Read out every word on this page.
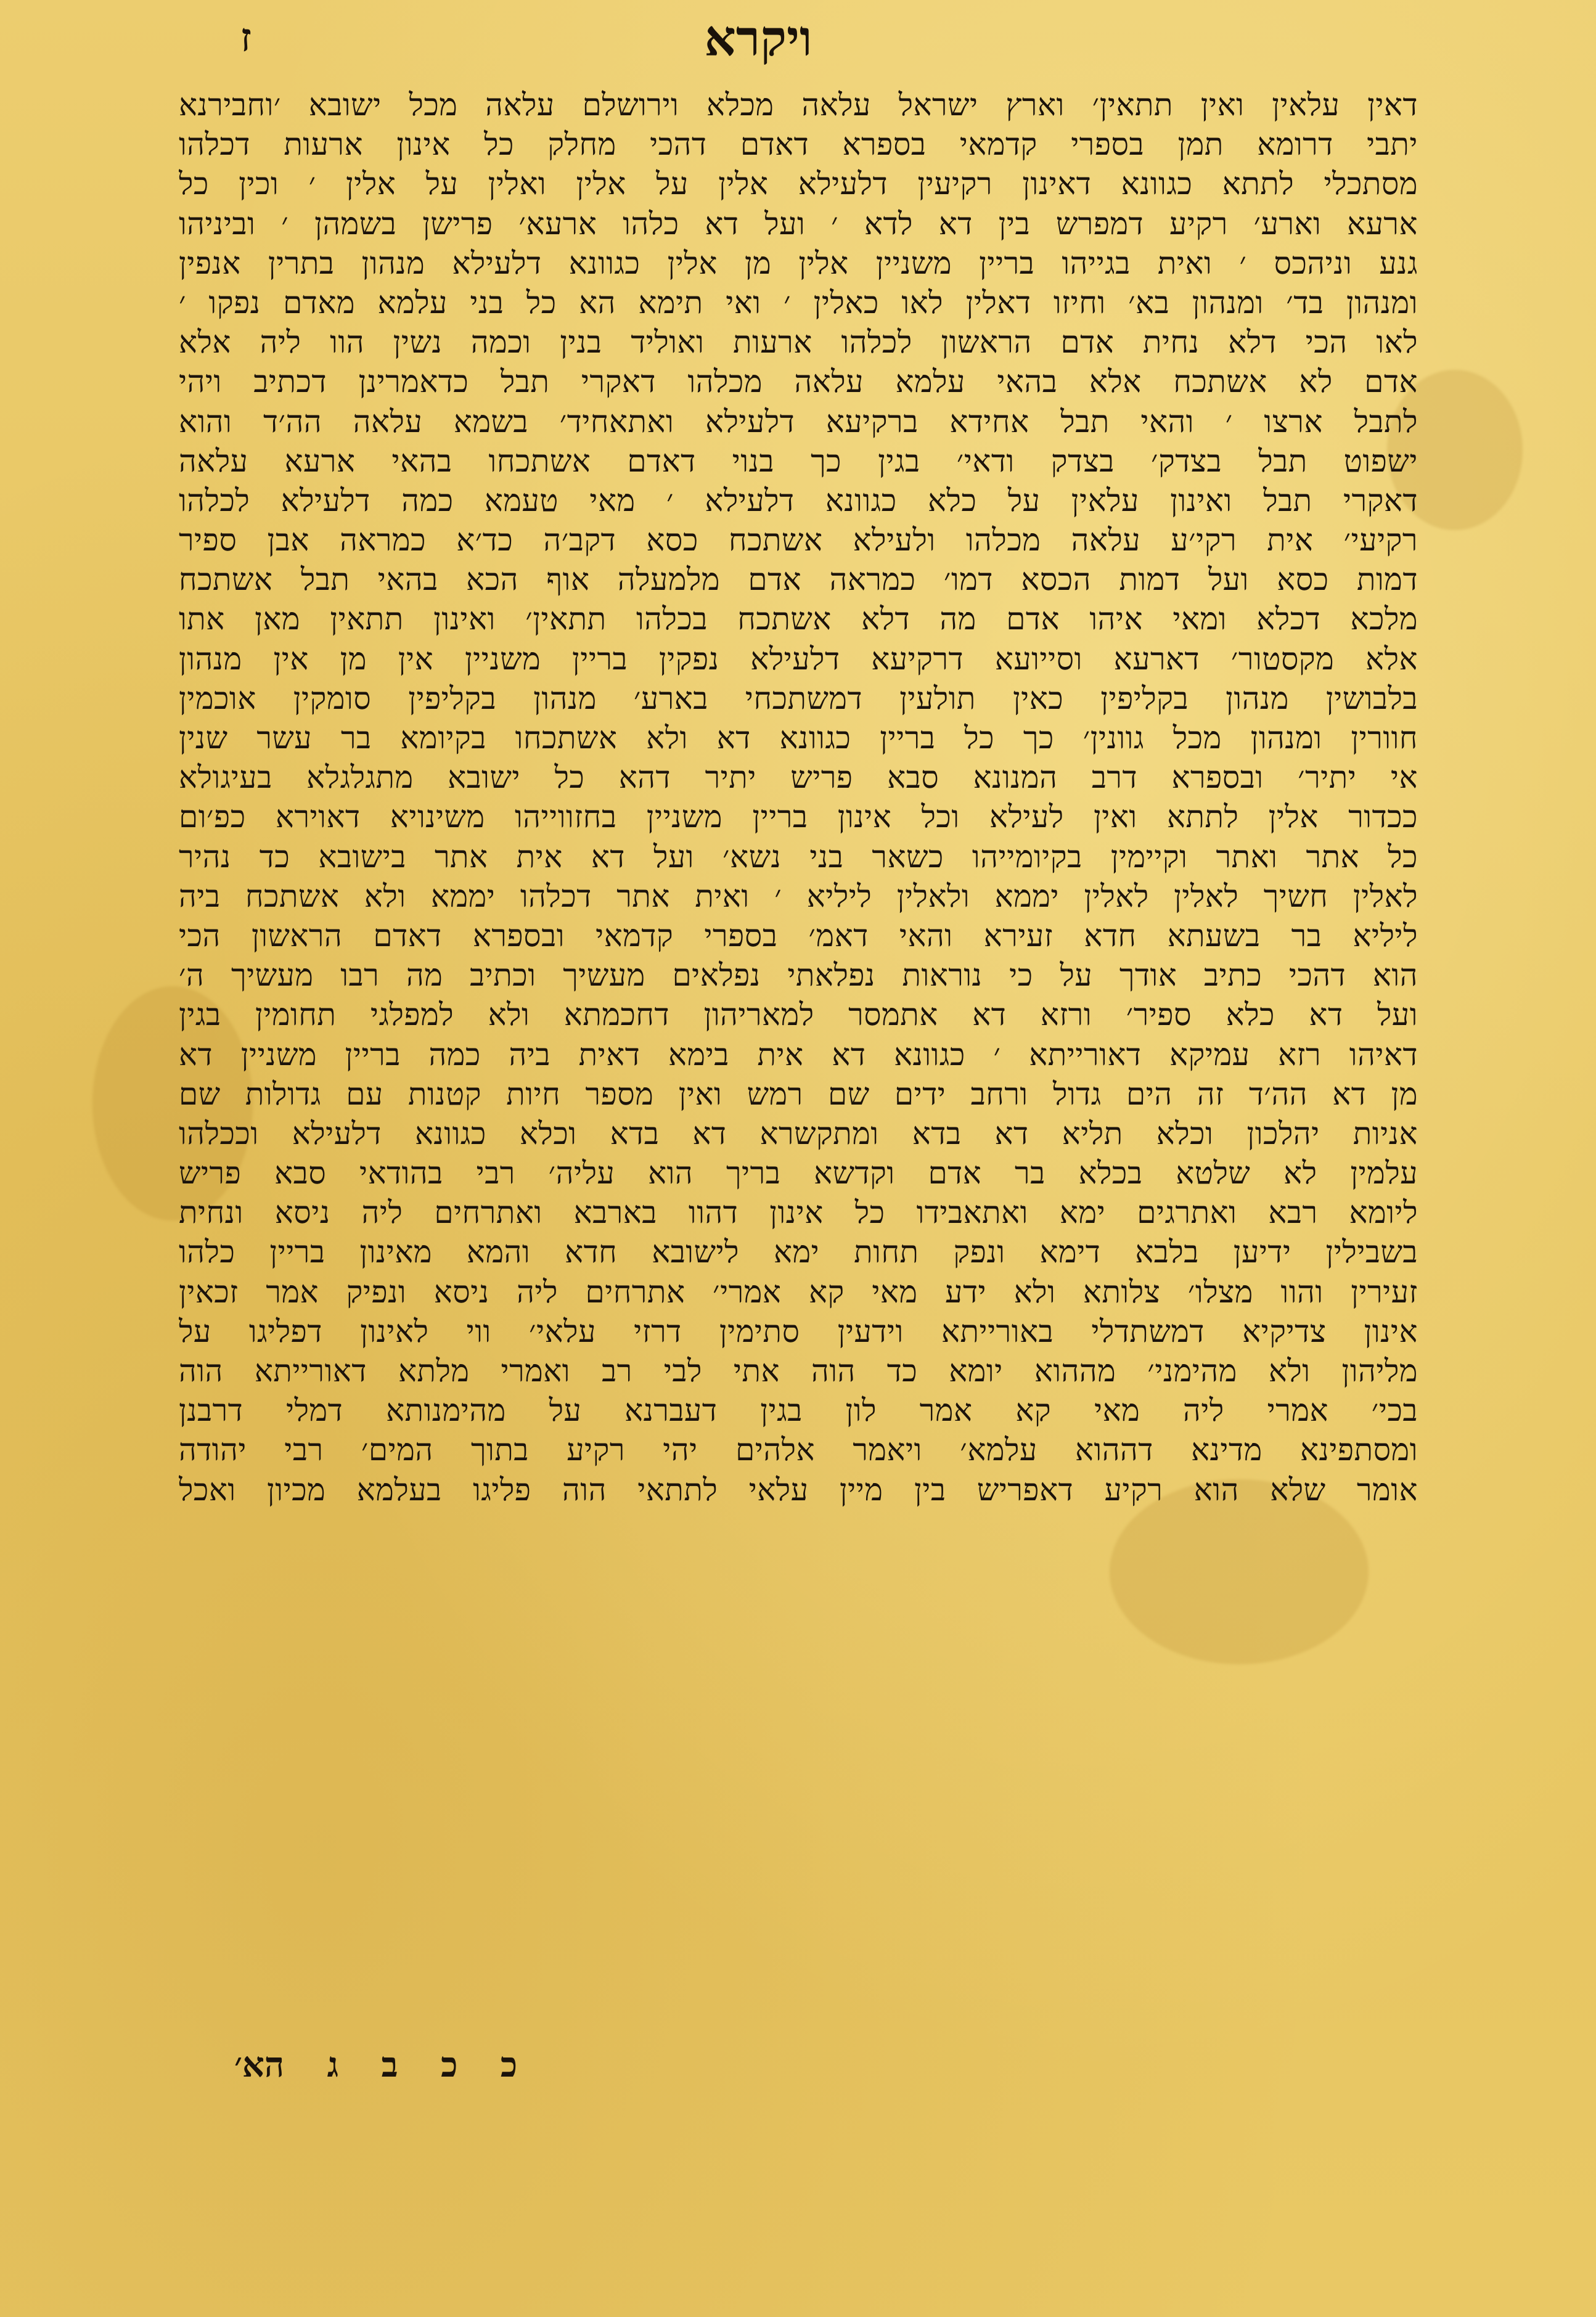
ז	ויקרא
דאין עלאין ואין תתאין׳ וארץ ישראל עלאה מכלא וירושלם עלאה מכל ישובא ׳וחבירנא
יתבי דרומא תמן בספרי קדמאי בספרא דאדם דהכי מחלק כל אינון ארעות דכלהו
מסתכלי לתתא כגוונא דאינון רקיעין דלעילא אלין על אלין ואלין על אלין ׳ וכין כל
ארעא וארע׳ רקיע דמפרש בין דא לדא ׳ ועל דא כלהו ארעא׳ פרישן בשמהן ׳ וביניהו
גנע וניהכס ׳ ואית בגייהו בריין משניין אלין מן אלין כגוונא דלעילא מנהון בתרין אנפין
ומנהון בד׳ ומנהון בא׳ וחיזו דאלין לאו כאלין ׳ ואי תימא הא כל בני עלמא מאדם נפקו ׳
לאו הכי דלא נחית אדם הראשון לכלהו ארעות ואוליד בנין וכמה נשין הוו ליה אלא
אדם לא אשתכח אלא בהאי עלמא עלאה מכלהו דאקרי תבל כדאמרינן דכתיב ויהי
לתבל ארצו ׳ והאי תבל אחידא ברקיעא דלעילא ואתאחיד׳ בשמא עלאה הה׳ד והוא
ישפוט תבל בצדק׳ בצדק ודאי׳ בגין כך בנוי דאדם אשתכחו בהאי ארעא עלאה
דאקרי תבל ואינון עלאין על כלא כגוונא דלעילא ׳ מאי טעמא כמה דלעילא לכלהו
רקיעי׳ אית רקי׳ע עלאה מכלהו ולעילא אשתכח כסא דקב׳ה כד׳א כמראה אבן ספיר
דמות כסא ועל דמות הכסא דמו׳ כמראה אדם מלמעלה אוף הכא בהאי תבל אשתכח
מלכא דכלא ומאי איהו אדם מה דלא אשתכח בכלהו תתאין׳ ואינון תתאין מאן אתו
אלא מקסטור׳ דארעא וסייועא דרקיעא דלעילא נפקין בריין משניין אין מן אין מנהון
בלבושין מנהון בקליפין כאין תולעין דמשתכחי בארע׳ מנהון בקליפין סומקין אוכמין
חוורין ומנהון מכל גוונין׳ כך כל בריין כגוונא דא ולא אשתכחו בקיומא בר עשר שנין
אי יתיר׳ ובספרא דרב המנונא סבא פריש יתיר דהא כל ישובא מתגלגלא בעיגולא
ככדור אלין לתתא ואין לעילא וכל אינון בריין משניין בחזווייהו משינויא דאוירא כפ׳ום
כל אתר ואתר וקיימין בקיומייהו כשאר בני נשא׳ ועל דא אית אתר בישובא כד נהיר
לאלין חשיך לאלין לאלין יממא ולאלין ליליא ׳ ואית אתר דכלהו יממא ולא אשתכח ביה
ליליא בר בשעתא חדא זעירא והאי דאמ׳ בספרי קדמאי ובספרא דאדם הראשון הכי
הוא דהכי כתיב אודך על כי נוראות נפלאתי נפלאים מעשיך וכתיב מה רבו מעשיך ה׳
ועל דא כלא ספיר׳ ורזא דא אתמסר למאריהון דחכמתא ולא למפלגי תחומין בגין
דאיהו רזא עמיקא דאורייתא ׳ כגוונא דא אית בימא דאית ביה כמה בריין משניין דא
מן דא הה׳ד זה הים גדול ורחב ידים שם רמש ואין מספר חיות קטנות עם גדולות שם
אניות יהלכון וכלא תליא דא בדא ומתקשרא דא בדא וכלא כגוונא דלעילא וככלהו
עלמין לא שלטא בכלא בר אדם וקדשא בריך הוא עליה׳ רבי בהודאי סבא פריש
ליומא רבא ואתרגים ימא ואתאבידו כל אינון דהוו בארבא ואתרחים ליה ניסא ונחית
בשבילין ידיען בלבא דימא ונפק תחות ימא לישובא חדא והמא מאינון בריין כלהו
זעירין והוו מצלו׳ צלותא ולא ידע מאי קא אמרי׳ אתרחים ליה ניסא ונפיק אמר זכאין
אינון צדיקיא דמשתדלי באורייתא וידעין סתימין דרזי עלאי׳ ווי לאינון דפליגו על
מליהון ולא מהימני׳ מההוא יומא כד הוה אתי לבי רב ואמרי מלתא דאורייתא הוה
בכי׳ אמרי ליה מאי קא אמר לון בגין דעברנא על מהימנותא דמלי דרבנן
ומסתפינא מדינא דההוא עלמא׳ ויאמר אלהים יהי רקיע בתוך המים׳ רבי יהודה
אומר שלא הוא רקיע דאפריש בין מיין עלאי לתתאי הוה פליגו בעלמא מכיון ואכל
כ כ ב ג הא׳
